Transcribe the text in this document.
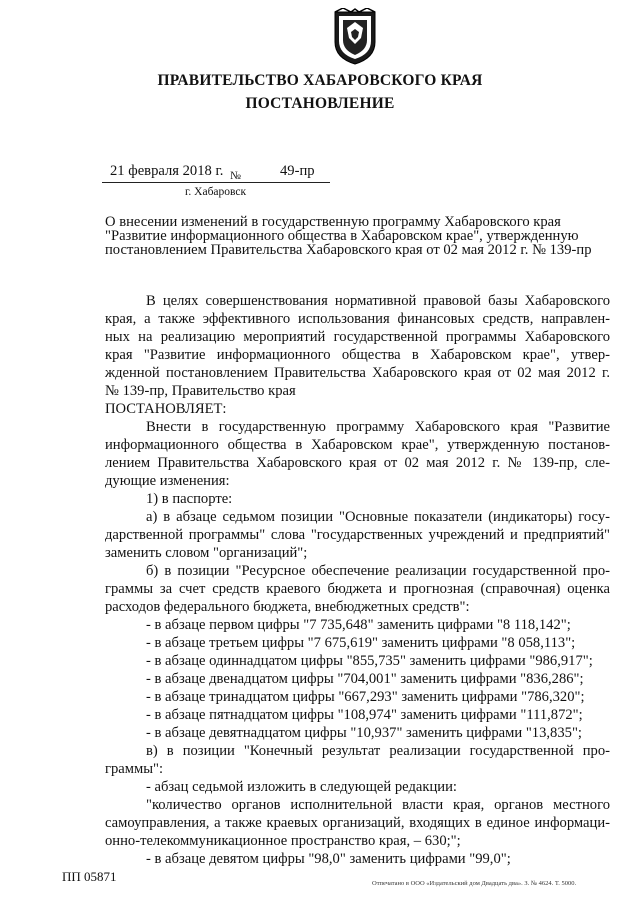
ПРАВИТЕЛЬСТВО ХАБАРОВСКОГО КРАЯ
ПОСТАНОВЛЕНИЕ
21 февраля 2018 г. №	49-пр
г. Хабаровск
О внесении изменений в государственную программу Хабаровского края
"Развитие информационного общества в Хабаровском крае", утвержденную
постановлением Правительства Хабаровского края от 02 мая 2012 г. № 139-пр
В целях совершенствования нормативной правовой базы Хабаровского
края, а также эффективного использования финансовых средств, направлен-
ных на реализацию мероприятий государственной программы Хабаровского
края "Развитие информационного общества в Хабаровском крае", утвер-
жденной постановлением Правительства Хабаровского края от 02 мая 2012 г.
№ 139-пр, Правительство края
ПОСТАНОВЛЯЕТ:
Внести в государственную программу Хабаровского края "Развитие
информационного общества в Хабаровском крае", утвержденную постанов-
лением Правительства Хабаровского края от 02 мая 2012 г. № 139-пр, сле-
дующие изменения:
1) в паспорте:
а) в абзаце седьмом позиции "Основные показатели (индикаторы) госу-
дарственной программы" слова "государственных учреждений и предприятий"
заменить словом "организаций";
б) в позиции "Ресурсное обеспечение реализации государственной про-
граммы за счет средств краевого бюджета и прогнозная (справочная) оценка
расходов федерального бюджета, внебюджетных средств":
- в абзаце первом цифры "7 735,648" заменить цифрами "8 118,142";
- в абзаце третьем цифры "7 675,619" заменить цифрами "8 058,113";
- в абзаце одиннадцатом цифры "855,735" заменить цифрами "986,917";
- в абзаце двенадцатом цифры "704,001" заменить цифрами "836,286";
- в абзаце тринадцатом цифры "667,293" заменить цифрами "786,320";
- в абзаце пятнадцатом цифры "108,974" заменить цифрами "111,872";
- в абзаце девятнадцатом цифры "10,937" заменить цифрами "13,835";
в) в позиции "Конечный результат реализации государственной про-
граммы":
- абзац седьмой изложить в следующей редакции:
"количество органов исполнительной власти края, органов местного
самоуправления, а также краевых организаций, входящих в единое информаци-
онно-телекоммуникационное пространство края, – 630;";
- в абзаце девятом цифры "98,0" заменить цифрами "99,0";
ПП 05871	Отпечатано в ООО «Издательский дом Двадцать два». З. № 4624. Т. 5000.
